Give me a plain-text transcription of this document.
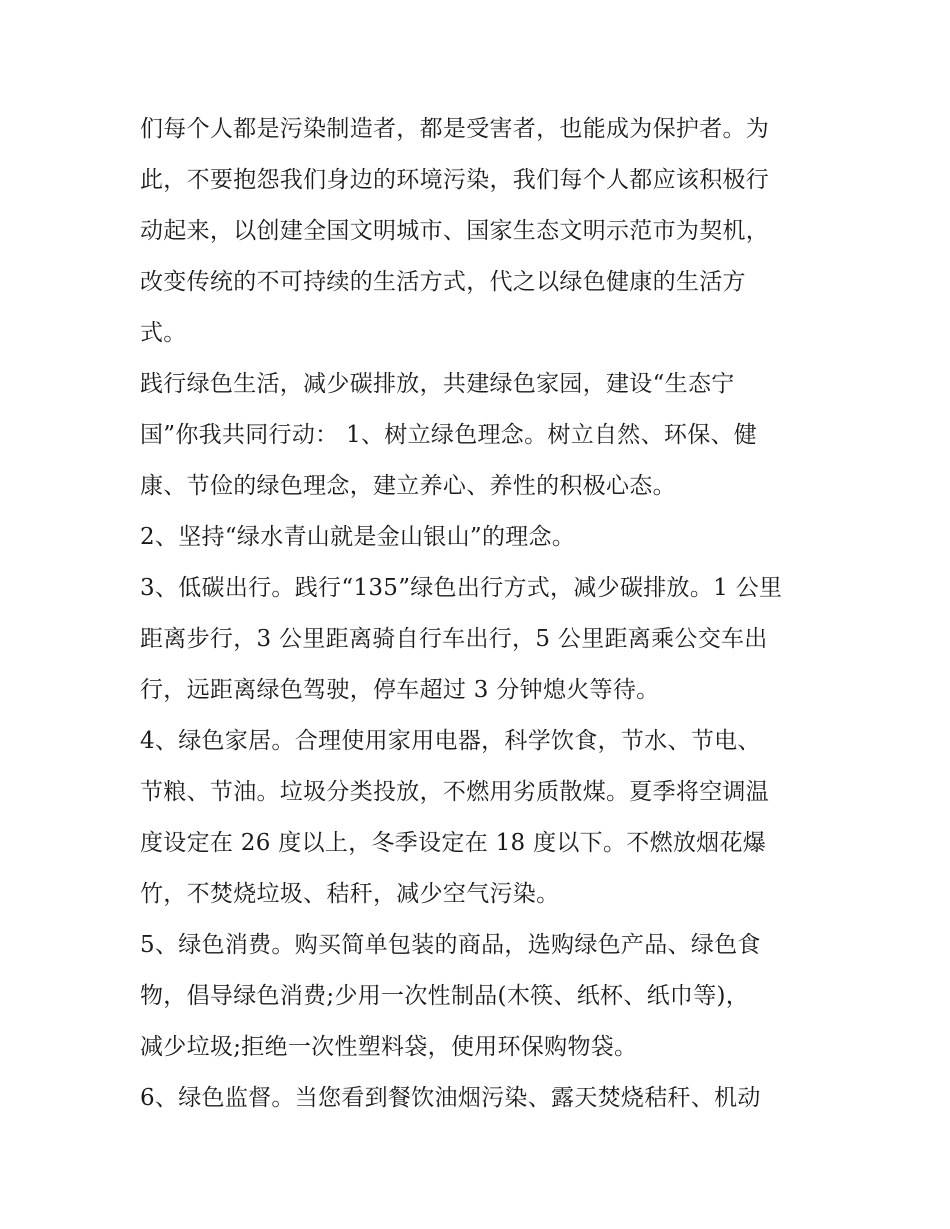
们每个人都是污染制造者，都是受害者，也能成为保护者。为
此，不要抱怨我们身边的环境污染，我们每个人都应该积极行
动起来，以创建全国文明城市、国家生态文明示范市为契机，
改变传统的不可持续的生活方式，代之以绿色健康的生活方
式。
践行绿色生活，减少碳排放，共建绿色家园，建设“生态宁
国”你我共同行动： 1、树立绿色理念。树立自然、环保、健
康、节俭的绿色理念，建立养心、养性的积极心态。
2、坚持“绿水青山就是金山银山”的理念。
3、低碳出行。践行“135”绿色出行方式，减少碳排放。1 公里
距离步行，3 公里距离骑自行车出行，5 公里距离乘公交车出
行，远距离绿色驾驶，停车超过 3 分钟熄火等待。
4、绿色家居。合理使用家用电器，科学饮食，节水、节电、
节粮、节油。垃圾分类投放，不燃用劣质散煤。夏季将空调温
度设定在 26 度以上，冬季设定在 18 度以下。不燃放烟花爆
竹，不焚烧垃圾、秸秆，减少空气污染。
5、绿色消费。购买简单包装的商品，选购绿色产品、绿色食
物，倡导绿色消费;少用一次性制品(木筷、纸杯、纸巾等)，
减少垃圾;拒绝一次性塑料袋，使用环保购物袋。
6、绿色监督。当您看到餐饮油烟污染、露天焚烧秸秆、机动
